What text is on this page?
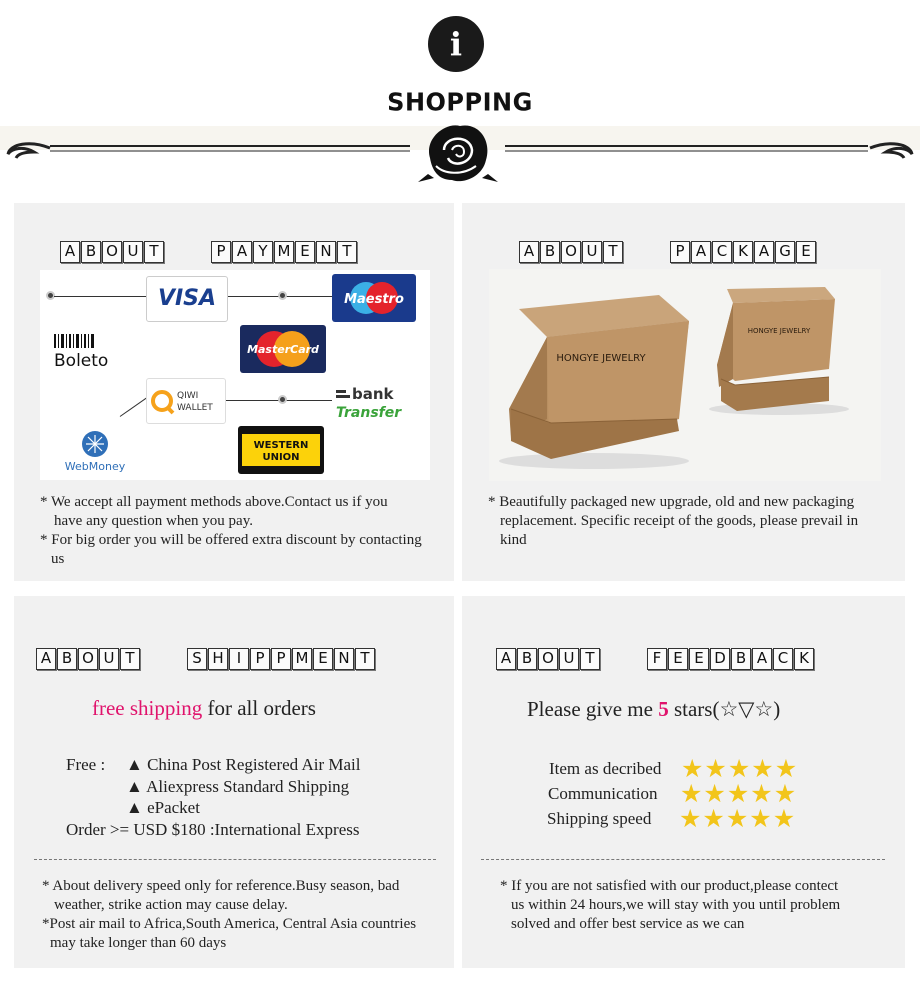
i
SHOPPING
A B O U T	P A Y M E N T
VISA	Maestro
MasterCard
Boleto
QIWI
WALLET
bank
Transfer
WebMoney
WESTERN
UNION

* We accept all payment methods above.Contact us if you

have any question when you pay.

* For big order you will be offered extra discount by contacting

us

A B O U T	P A C K A G E
HONGYE JEWELRY
HONGYE JEWELRY

* Beautifully packaged new upgrade, old and new packaging

replacement. Specific receipt of the goods, please prevail in

kind

A B O U T	S H I P P M E N T
free shipping for all orders
Free : ▲ China Post Registered Air Mail
▲ Aliexpress Standard Shipping
▲ ePacket
Order >= USD $180 :International Express

* About delivery speed only for reference.Busy season, bad

weather, strike action may cause delay.

*Post air mail to Africa,South America, Central Asia countries

may take longer than 60 days

A B O U T	F E E D B A C K
Please give me 5 stars(☆▽☆)
Item as decribed ★ ★ ★ ★ ★
Communication ★ ★ ★ ★ ★
Shipping speed	★ ★ ★ ★ ★

* If you are not satisfied with our product,please contect

us within 24 hours,we will stay with you until problem

solved and offer best service as we can
